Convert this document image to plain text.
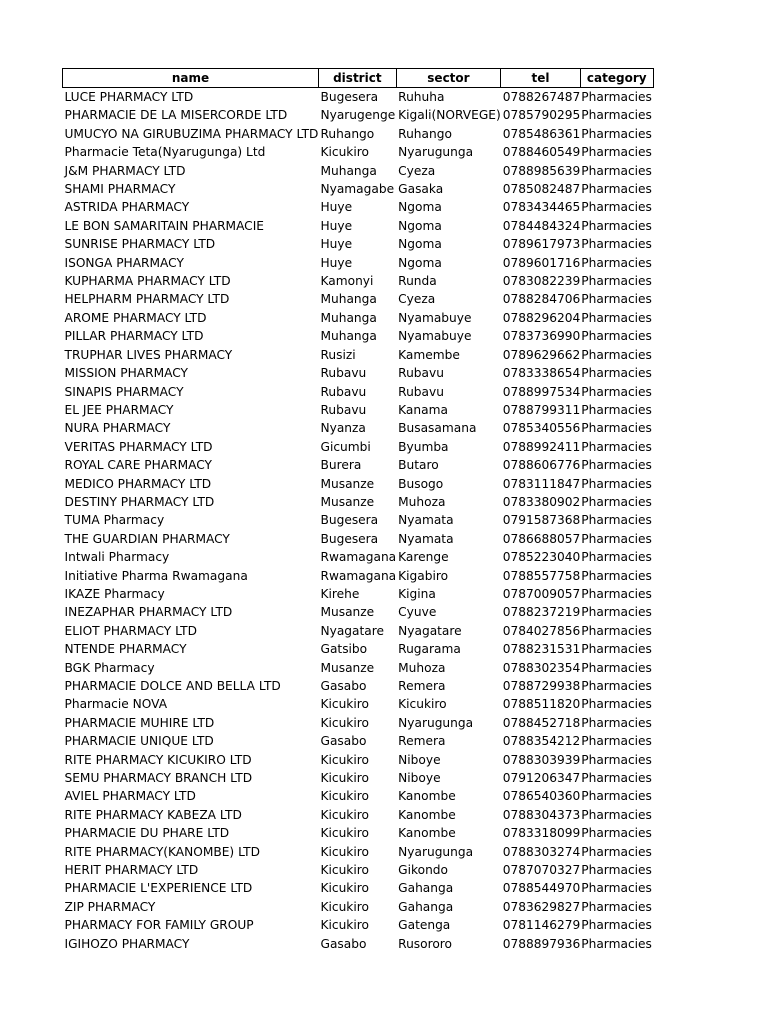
name	district	sector	tel	category
LUCE PHARMACY LTD	Bugesera	Ruhuha	0788267487	Pharmacies
PHARMACIE DE LA MISERCORDE LTD	Nyarugenge	Kigali(NORVEGE)	0785790295	Pharmacies
UMUCYO NA GIRUBUZIMA PHARMACY LTD	Ruhango	Ruhango	0785486361	Pharmacies
Pharmacie Teta(Nyarugunga) Ltd	Kicukiro	Nyarugunga	0788460549	Pharmacies
J&M PHARMACY LTD	Muhanga	Cyeza	0788985639	Pharmacies
SHAMI PHARMACY	Nyamagabe	Gasaka	0785082487	Pharmacies
ASTRIDA PHARMACY	Huye	Ngoma	0783434465	Pharmacies
LE BON SAMARITAIN PHARMACIE	Huye	Ngoma	0784484324	Pharmacies
SUNRISE PHARMACY LTD	Huye	Ngoma	0789617973	Pharmacies
ISONGA PHARMACY	Huye	Ngoma	0789601716	Pharmacies
KUPHARMA PHARMACY LTD	Kamonyi	Runda	0783082239	Pharmacies
HELPHARM PHARMACY LTD	Muhanga	Cyeza	0788284706	Pharmacies
AROME PHARMACY LTD	Muhanga	Nyamabuye	0788296204	Pharmacies
PILLAR PHARMACY LTD	Muhanga	Nyamabuye	0783736990	Pharmacies
TRUPHAR LIVES PHARMACY	Rusizi	Kamembe	0789629662	Pharmacies
MISSION PHARMACY	Rubavu	Rubavu	0783338654	Pharmacies
SINAPIS PHARMACY	Rubavu	Rubavu	0788997534	Pharmacies
EL JEE PHARMACY	Rubavu	Kanama	0788799311	Pharmacies
NURA PHARMACY	Nyanza	Busasamana	0785340556	Pharmacies
VERITAS PHARMACY LTD	Gicumbi	Byumba	0788992411	Pharmacies
ROYAL CARE PHARMACY	Burera	Butaro	0788606776	Pharmacies
MEDICO PHARMACY LTD	Musanze	Busogo	0783111847	Pharmacies
DESTINY PHARMACY LTD	Musanze	Muhoza	0783380902	Pharmacies
TUMA Pharmacy	Bugesera	Nyamata	0791587368	Pharmacies
THE GUARDIAN PHARMACY	Bugesera	Nyamata	0786688057	Pharmacies
Intwali Pharmacy	Rwamagana	Karenge	0785223040	Pharmacies
Initiative Pharma Rwamagana	Rwamagana	Kigabiro	0788557758	Pharmacies
IKAZE Pharmacy	Kirehe	Kigina	0787009057	Pharmacies
INEZAPHAR PHARMACY LTD	Musanze	Cyuve	0788237219	Pharmacies
ELIOT PHARMACY LTD	Nyagatare	Nyagatare	0784027856	Pharmacies
NTENDE PHARMACY	Gatsibo	Rugarama	0788231531	Pharmacies
BGK Pharmacy	Musanze	Muhoza	0788302354	Pharmacies
PHARMACIE DOLCE AND BELLA LTD	Gasabo	Remera	0788729938	Pharmacies
Pharmacie NOVA	Kicukiro	Kicukiro	0788511820	Pharmacies
PHARMACIE MUHIRE LTD	Kicukiro	Nyarugunga	0788452718	Pharmacies
PHARMACIE UNIQUE LTD	Gasabo	Remera	0788354212	Pharmacies
RITE PHARMACY KICUKIRO LTD	Kicukiro	Niboye	0788303939	Pharmacies
SEMU PHARMACY BRANCH LTD	Kicukiro	Niboye	0791206347	Pharmacies
AVIEL PHARMACY LTD	Kicukiro	Kanombe	0786540360	Pharmacies
RITE PHARMACY KABEZA LTD	Kicukiro	Kanombe	0788304373	Pharmacies
PHARMACIE DU PHARE LTD	Kicukiro	Kanombe	0783318099	Pharmacies
RITE PHARMACY(KANOMBE) LTD	Kicukiro	Nyarugunga	0788303274	Pharmacies
HERIT PHARMACY LTD	Kicukiro	Gikondo	0787070327	Pharmacies
PHARMACIE L'EXPERIENCE LTD	Kicukiro	Gahanga	0788544970	Pharmacies
ZIP PHARMACY	Kicukiro	Gahanga	0783629827	Pharmacies
PHARMACY FOR FAMILY GROUP	Kicukiro	Gatenga	0781146279	Pharmacies
IGIHOZO PHARMACY	Gasabo	Rusororo	0788897936	Pharmacies
